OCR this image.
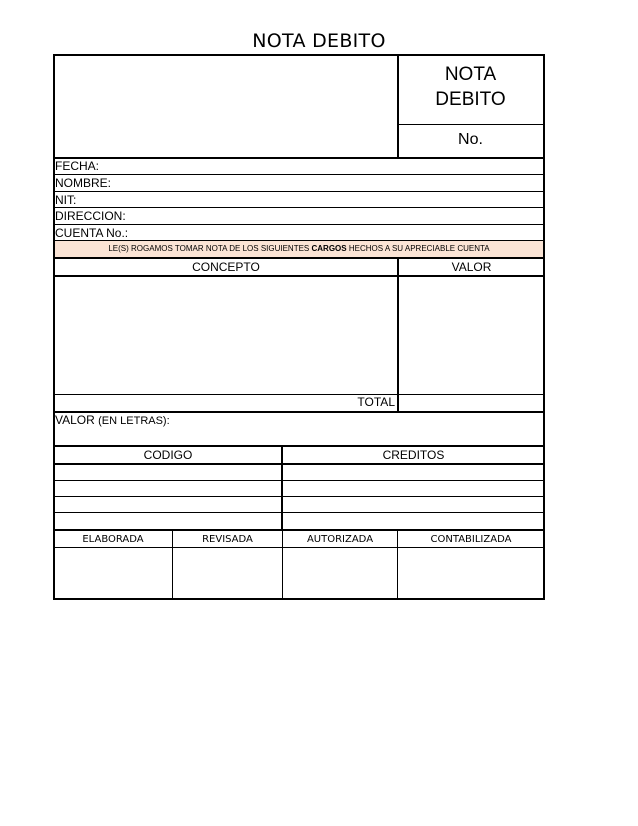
NOTA DEBITO
NOTA
DEBITO
No.
FECHA:
NOMBRE:
NIT:
DIRECCION:
CUENTA No.:
LE(S) ROGAMOS TOMAR NOTA DE LOS SIGUIENTES CARGOS HECHOS A SU APRECIABLE CUENTA
CONCEPTO	VALOR
TOTAL
VALOR (EN LETRAS):
CODIGO	CREDITOS
ELABORADA	REVISADA	AUTORIZADA	CONTABILIZADA
